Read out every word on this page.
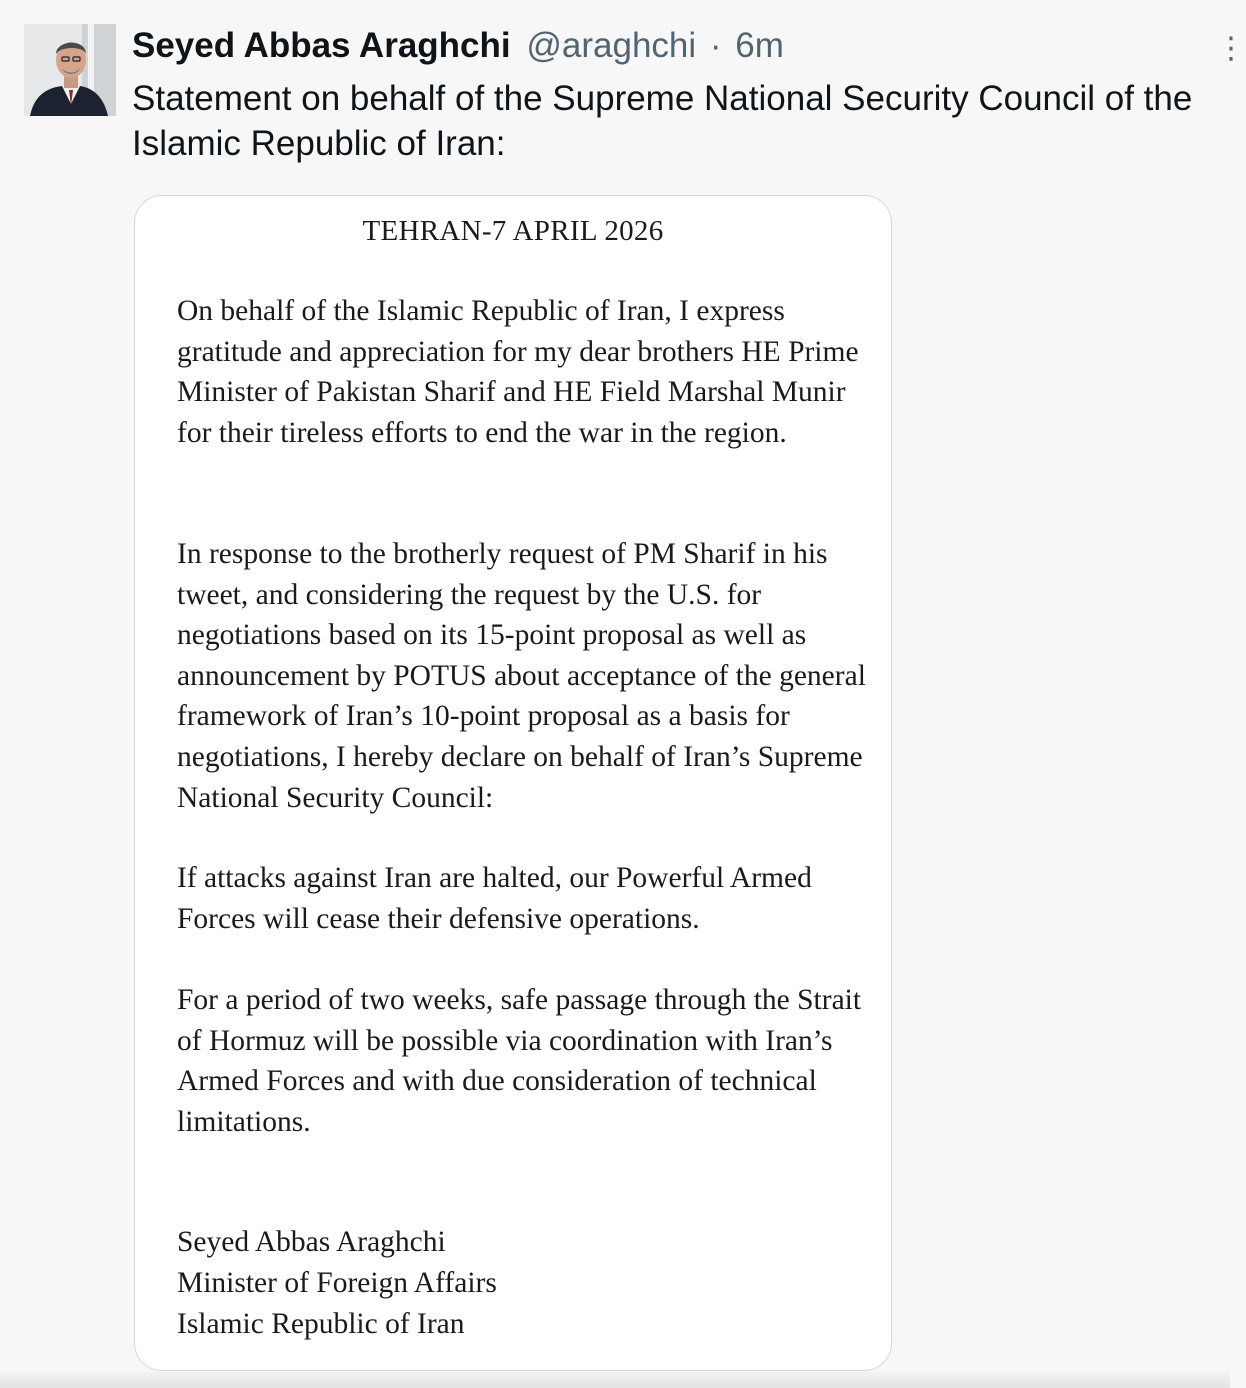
Seyed Abbas Araghchi @araghchi · 6m	⋮
Statement on behalf of the Supreme National Security Council of the Islamic Republic of Iran:
TEHRAN-7 APRIL 2026
On behalf of the Islamic Republic of Iran, I express gratitude and appreciation for my dear brothers HE Prime Minister of Pakistan Sharif and HE Field Marshal Munir for their tireless efforts to end the war in the region.
In response to the brotherly request of PM Sharif in his tweet, and considering the request by the U.S. for negotiations based on its 15-point proposal as well as announcement by POTUS about acceptance of the general framework of Iran’s 10-point proposal as a basis for negotiations, I hereby declare on behalf of Iran’s Supreme National Security Council:
If attacks against Iran are halted, our Powerful Armed Forces will cease their defensive operations.
For a period of two weeks, safe passage through the Strait of Hormuz will be possible via coordination with Iran’s Armed Forces and with due consideration of technical limitations.
Seyed Abbas Araghchi
Minister of Foreign Affairs
Islamic Republic of Iran
